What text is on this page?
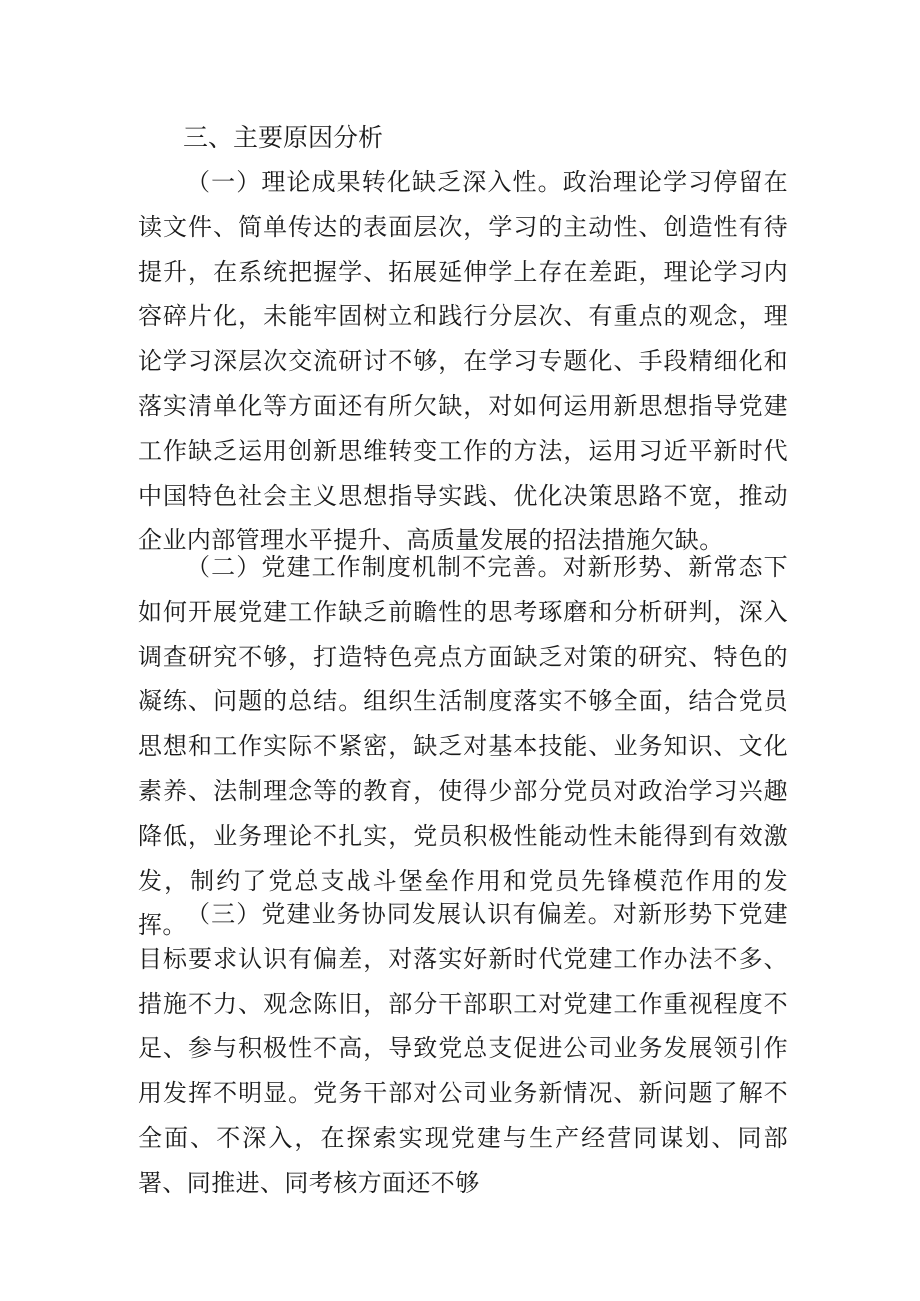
三、主要原因分析

（一）理论成果转化缺乏深入性。政治理论学习停留在读文件、简单传达的表面层次，学习的主动性、创造性有待提升，在系统把握学、拓展延伸学上存在差距，理论学习内容碎片化，未能牢固树立和践行分层次、有重点的观念，理论学习深层次交流研讨不够，在学习专题化、手段精细化和落实清单化等方面还有所欠缺，对如何运用新思想指导党建工作缺乏运用创新思维转变工作的方法，运用习近平新时代中国特色社会主义思想指导实践、优化决策思路不宽，推动企业内部管理水平提升、高质量发展的招法措施欠缺。

（二）党建工作制度机制不完善。对新形势、新常态下如何开展党建工作缺乏前瞻性的思考琢磨和分析研判，深入调查研究不够，打造特色亮点方面缺乏对策的研究、特色的凝练、问题的总结。组织生活制度落实不够全面，结合党员思想和工作实际不紧密，缺乏对基本技能、业务知识、文化素养、法制理念等的教育，使得少部分党员对政治学习兴趣降低，业务理论不扎实，党员积极性能动性未能得到有效激发，制约了党总支战斗堡垒作用和党员先锋模范作用的发挥。 （三）党建业务协同发展认识有偏差。对新形势下党建目标要求认识有偏差，对落实好新时代党建工作办法不多、措施不力、观念陈旧，部分干部职工对党建工作重视程度不足、参与积极性不高，导致党总支促进公司业务发展领引作用发挥不明显。党务干部对公司业务新情况、新问题了解不全面、不深入，在探索实现党建与生产经营同谋划、同部署、同推进、同考核方面还不够
